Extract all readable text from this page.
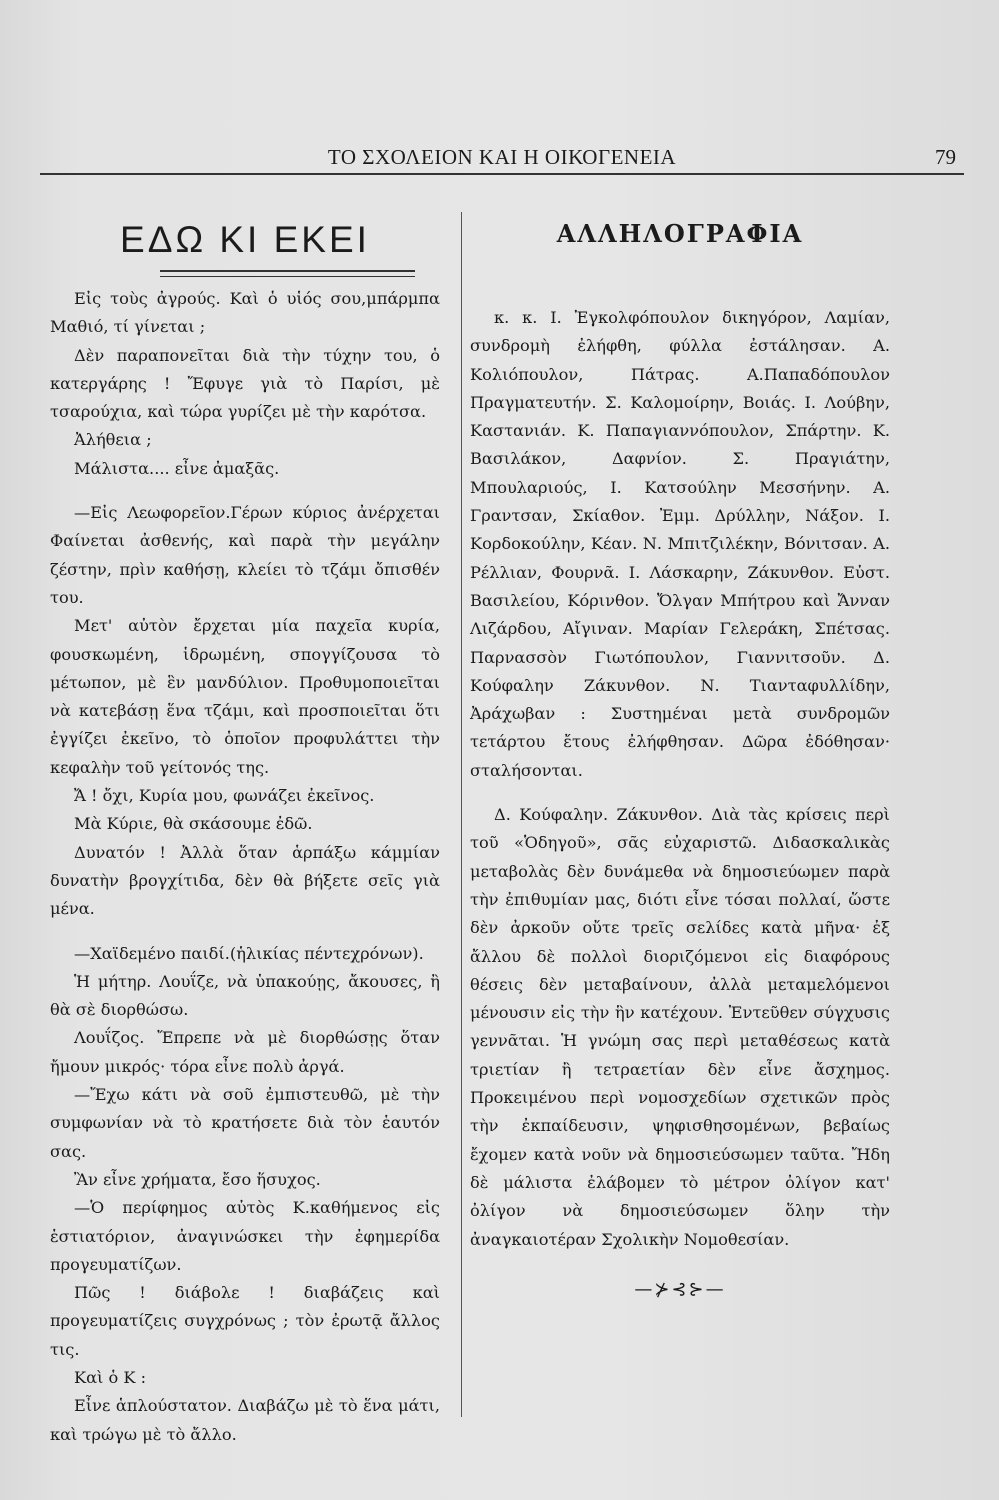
ΤΟ ΣΧΟΛΕΙΟΝ ΚΑΙ Η ΟΙΚΟΓΕΝΕΙΑ	79
ΕΔΩ ΚΙ ΕΚΕΙ

Εἰς τοὺς ἀγρούς. Καὶ ὁ υἱός σου,μπάρμπα Μαθιό, τί γίνεται ;

Δὲν παραπονεῖται διὰ τὴν τύχην του, ὁ κατεργάρης ! Ἔφυγε γιὰ τὸ Παρίσι, μὲ τσαρούχια, καὶ τώρα γυρίζει μὲ τὴν καρότσα.

Ἀλήθεια ;

Μάλιστα.... εἶνε ἀμαξᾶς.

—Εἰς Λεωφορεῖον.Γέρων κύριος ἀνέρχεται Φαίνεται ἀσθενής, καὶ παρὰ τὴν μεγάλην ζέστην, πρὶν καθήσῃ, κλείει τὸ τζάμι ὄπισθέν του.

Μετ' αὐτὸν ἔρχεται μία παχεῖα κυρία, φουσκωμένη, ἱδρωμένη, σπογγίζουσα τὸ μέτωπον, μὲ ἓν μανδύλιον. Προθυμοποιεῖται νὰ κατεβάσῃ ἕνα τζάμι, καὶ προσποιεῖται ὅτι ἐγγίζει ἐκεῖνο, τὸ ὁποῖον προφυλάττει τὴν κεφαλὴν τοῦ γείτονός της.

Ἄ ! ὄχι, Κυρία μου, φωνάζει ἐκεῖνος.

Μὰ Κύριε, θὰ σκάσουμε ἐδῶ.

Δυνατόν ! Ἀλλὰ ὅταν ἁρπάξω κάμμίαν δυνατὴν βρογχίτιδα, δὲν θὰ βήξετε σεῖς γιὰ μένα.

—Χαϊδεμένο παιδί.(ἡλικίας πέντεχρόνων).

Ἡ μήτηρ. Λουΐζε, νὰ ὑπακούῃς, ἄκουσες, ἢ θὰ σὲ διορθώσω.

Λουΐζος. Ἔπρεπε νὰ μὲ διορθώσῃς ὅταν ἤμουν μικρός· τόρα εἶνε πολὺ ἀργά.

—Ἔχω κάτι νὰ σοῦ ἐμπιστευθῶ, μὲ τὴν συμφωνίαν νὰ τὸ κρατήσετε διὰ τὸν ἑαυτόν σας.

Ἂν εἶνε χρήματα, ἔσο ἥσυχος.

—Ὁ περίφημος αὐτὸς Κ.καθήμενος εἰς ἑστιατόριον, ἀναγινώσκει τὴν ἐφημερίδα προγευματίζων.

Πῶς ! διάβολε ! διαβάζεις καὶ προγευματίζεις συγχρόνως ; τὸν ἐρωτᾷ ἄλλος τις.

Καὶ ὁ Κ :

Εἶνε ἁπλούστατον. Διαβάζω μὲ τὸ ἕνα μάτι, καὶ τρώγω μὲ τὸ ἄλλο.

ΑΛΛΗΛΟΓΡΑΦΙΑ

κ. κ. Ι. Ἐγκολφόπουλον δικηγόρον, Λαμίαν, συνδρομὴ ἐλήφθη, φύλλα ἐστάλησαν. Α. Κολιόπουλον, Πάτρας. Α.Παπαδόπουλον Πραγματευτήν. Σ. Καλομοίρην, Βοιάς. Ι. Λούβην, Καστανιάν. Κ. Παπαγιαννόπουλον, Σπάρτην. Κ. Βασιλάκον, Δαφνίον. Σ. Πραγιάτην, Μπουλαριούς, Ι. Κατσούλην Μεσσήνην. Α. Γραντσαν, Σκίαθον. Ἐμμ. Δρύλλην, Νάξον. Ι. Κορδοκούλην, Κέαν. Ν. Μπιτζιλέκην, Βόνιτσαν. Α. Ρέλλιαν, Φουρνᾶ. Ι. Λάσκαρην, Ζάκυνθον. Εὐστ. Βασιλείου, Κόρινθον. Ὄλγαν Μπήτρου καὶ Ἄνναν Λιζάρδου, Αἴγιναν. Μαρίαν Γελεράκη, Σπέτσας. Παρνασσὸν Γιωτόπουλον, Γιαννιτσοῦν. Δ. Κούφαλην Ζάκυνθον. Ν. Τιανταφυλλίδην, Ἀράχωβαν : Συστημέναι μετὰ συνδρομῶν τετάρτου ἔτους ἐλήφθησαν. Δῶρα ἐδόθησαν· σταλήσονται.

Δ. Κούφαλην. Ζάκυνθον. Διὰ τὰς κρίσεις περὶ τοῦ «Ὁδηγοῦ», σᾶς εὐχαριστῶ. Διδασκαλικὰς μεταβολὰς δὲν δυνάμεθα νὰ δημοσιεύωμεν παρὰ τὴν ἐπιθυμίαν μας, διότι εἶνε τόσαι πολλαί, ὥστε δὲν ἀρκοῦν οὔτε τρεῖς σελίδες κατὰ μῆνα· ἐξ ἄλλου δὲ πολλοὶ διοριζόμενοι εἰς διαφόρους θέσεις δὲν μεταβαίνουν, ἀλλὰ μεταμελόμενοι μένουσιν εἰς τὴν ἣν κατέχουν. Ἐντεῦθεν σύγχυσις γεννᾶται. Ἡ γνώμη σας περὶ μεταθέσεως κατὰ τριετίαν ἢ τετραετίαν δὲν εἶνε ἄσχημος. Προκειμένου περὶ νομοσχεδίων σχετικῶν πρὸς τὴν ἐκπαίδευσιν, ψηφισθησομένων, βεβαίως ἔχομεν κατὰ νοῦν νὰ δημοσιεύσωμεν ταῦτα. Ἤδη δὲ μάλιστα ἐλάβομεν τὸ μέτρον ὀλίγον κατ' ὀλίγον νὰ δημοσιεύσωμεν ὅλην τὴν ἀναγκαιοτέραν Σχολικὴν Νομοθεσίαν.

—⊁⊰⊱—
